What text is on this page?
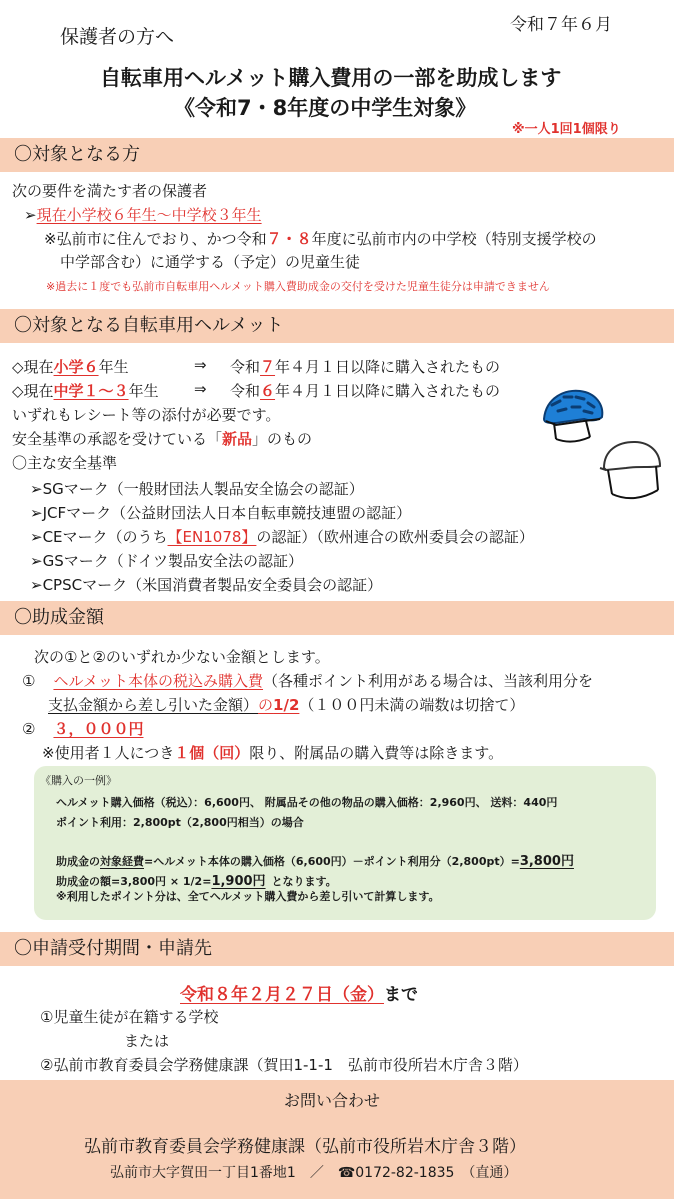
保護者の方へ
令和７年６月
自転車用ヘルメット購入費用の一部を助成します
《令和7・8年度の中学生対象》
※一人1回1個限り
〇対象となる方
次の要件を満たす者の保護者
➢現在小学校６年生～中学校３年生
※弘前市に住んでおり、かつ令和７・８年度に弘前市内の中学校（特別支援学校の
中学部含む）に通学する（予定）の児童生徒
※過去に１度でも弘前市自転車用ヘルメット購入費助成金の交付を受けた児童生徒分は申請できません
〇対象となる自転車用ヘルメット
◇現在小学６年生	⇒ 令和７年４月１日以降に購入されたもの
◇現在中学１～３年生 ⇒ 令和６年４月１日以降に購入されたもの
いずれもレシート等の添付が必要です。
安全基準の承認を受けている「新品」のもの
〇主な安全基準
➢SGマーク（一般財団法人製品安全協会の認証）
➢JCFマーク（公益財団法人日本自転車競技連盟の認証）
➢CEマーク（のうち【EN1078】の認証）（欧州連合の欧州委員会の認証）
➢GSマーク（ドイツ製品安全法の認証）
➢CPSCマーク（米国消費者製品安全委員会の認証）
〇助成金額
次の①と②のいずれか少ない金額とします。
① ヘルメット本体の税込み購入費（各種ポイント利用がある場合は、当該利用分を
支払金額から差し引いた金額）の1/2（１００円未満の端数は切捨て）
② ３，０００円
※使用者１人につき１個（回）限り、附属品の購入費等は除きます。
《購入の一例》
ヘルメット購入価格（税込）：6,600円、 附属品その他の物品の購入価格：2,960円、 送料：440円
ポイント利用：2,800pt（2,800円相当）の場合
助成金の対象経費=ヘルメット本体の購入価格（6,600円）－ポイント利用分（2,800pt）=3,800円
助成金の額=3,800円 × 1/2=1,900円 となります。
※利用したポイント分は、全てヘルメット購入費から差し引いて計算します。
〇申請受付期間・申請先
令和８年２月２７日（金）まで
①児童生徒が在籍する学校
または
②弘前市教育委員会学務健康課（賀田1-1-1　弘前市役所岩木庁舎３階）
お問い合わせ
弘前市教育委員会学務健康課（弘前市役所岩木庁舎３階）
弘前市大字賀田一丁目1番地1　／　☎0172-82-1835　（直通）
